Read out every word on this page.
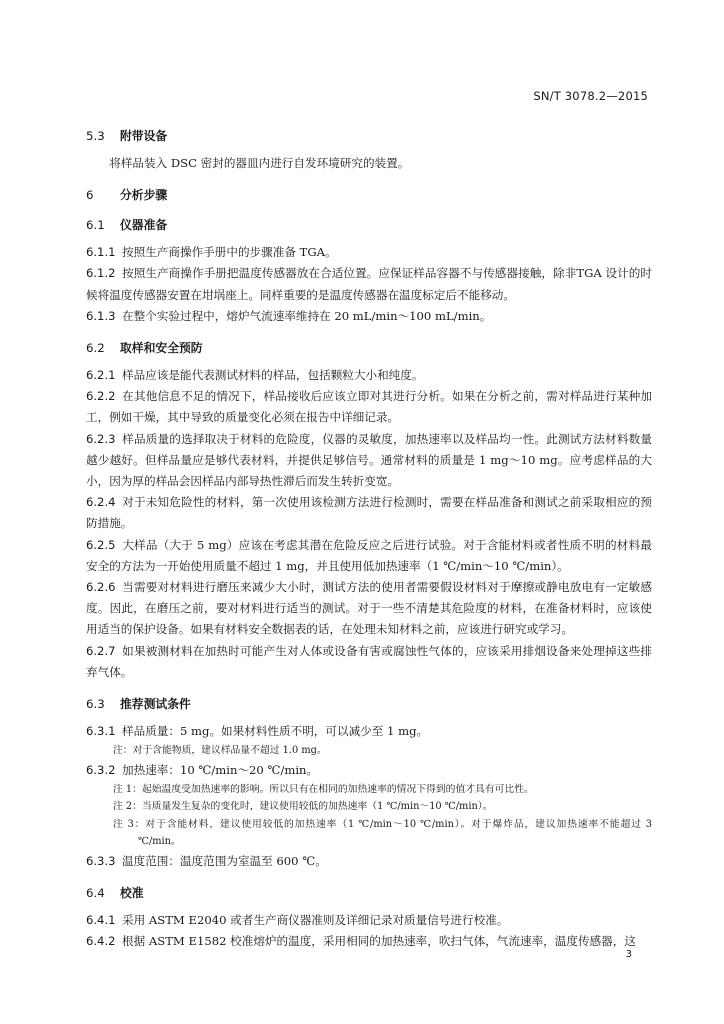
SN/T 3078.2—2015

5.3 附带设备

将样品装入 DSC 密封的器皿内进行自发环境研究的装置。

6 分析步骤

6.1 仪器准备

6.1.1 按照生产商操作手册中的步骤准备 TGA。

6.1.2 按照生产商操作手册把温度传感器放在合适位置。应保证样品容器不与传感器接触，除非TGA 设计的时候将温度传感器安置在坩埚座上。同样重要的是温度传感器在温度标定后不能移动。

6.1.3 在整个实验过程中，熔炉气流速率维持在 20 mL/min～100 mL/min。

6.2 取样和安全预防

6.2.1 样品应该是能代表测试材料的样品，包括颗粒大小和纯度。

6.2.2 在其他信息不足的情况下，样品接收后应该立即对其进行分析。如果在分析之前，需对样品进行某种加工，例如干燥，其中导致的质量变化必须在报告中详细记录。

6.2.3 样品质量的选择取决于材料的危险度，仪器的灵敏度，加热速率以及样品均一性。此测试方法材料数量越少越好。但样品量应是够代表材料，并提供足够信号。通常材料的质量是 1 mg～10 mg。应考虑样品的大小，因为厚的样品会因样品内部导热性滞后而发生转折变宽。

6.2.4 对于未知危险性的材料，第一次使用该检测方法进行检测时，需要在样品准备和测试之前采取相应的预防措施。

6.2.5 大样品（大于 5 mg）应该在考虑其潜在危险反应之后进行试验。对于含能材料或者性质不明的材料最安全的方法为一开始使用质量不超过 1 mg，并且使用低加热速率（1 ℃/min～10 ℃/min）。

6.2.6 当需要对材料进行磨压来减少大小时，测试方法的使用者需要假设材料对于摩擦或静电放电有一定敏感度。因此，在磨压之前，要对材料进行适当的测试。对于一些不清楚其危险度的材料，在准备材料时，应该使用适当的保护设备。如果有材料安全数据表的话，在处理未知材料之前，应该进行研究或学习。

6.2.7 如果被测材料在加热时可能产生对人体或设备有害或腐蚀性气体的，应该采用排烟设备来处理掉这些排弃气体。

6.3 推荐测试条件

6.3.1 样品质量：5 mg。如果材料性质不明，可以减少至 1 mg。

注：对于含能物质，建议样品量不超过 1.0 mg。

6.3.2 加热速率：10 ℃/min～20 ℃/min。

注 1：起始温度受加热速率的影响。所以只有在相同的加热速率的情况下得到的值才具有可比性。

注 2：当质量发生复杂的变化时，建议使用较低的加热速率（1 ℃/min～10 ℃/min）。

注 3：对于含能材料，建议使用较低的加热速率（1 ℃/min～10 ℃/min）。对于爆炸品，建议加热速率不能超过 3 ℃/min。

6.3.3 温度范围：温度范围为室温至 600 ℃。

6.4 校准

6.4.1 采用 ASTM E2040 或者生产商仪器准则及详细记录对质量信号进行校准。

6.4.2 根据 ASTM E1582 校准熔炉的温度，采用相同的加热速率，吹扫气体，气流速率，温度传感器，这

3
